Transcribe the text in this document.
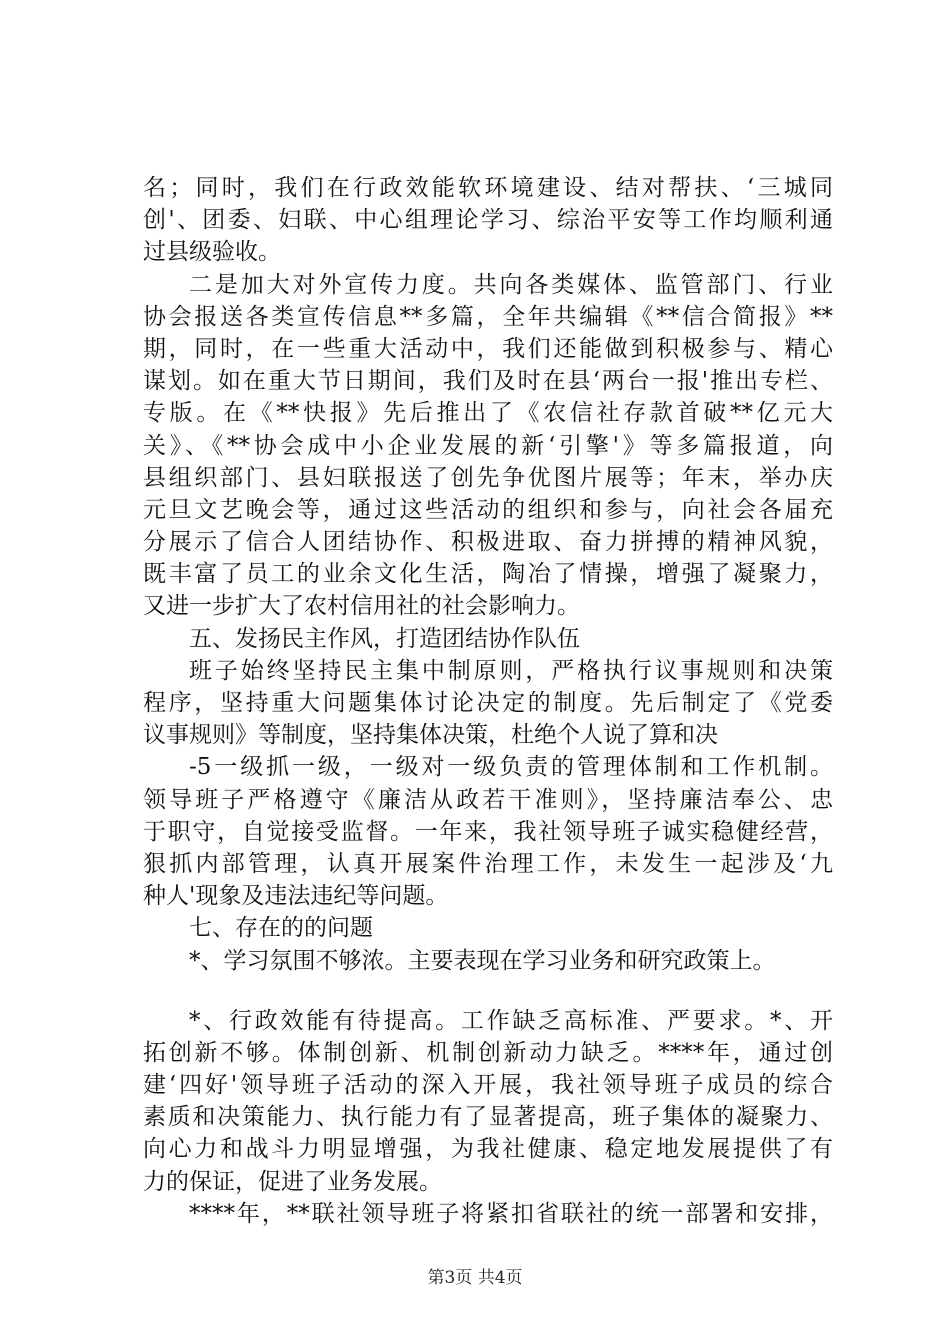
名；同时，我们在行政效能软环境建设、结对帮扶、‘三城同
创'、团委、妇联、中心组理论学习、综治平安等工作均顺利通
过县级验收。
二是加大对外宣传力度。共向各类媒体、监管部门、行业
协会报送各类宣传信息**多篇，全年共编辑《**信合简报》**
期，同时，在一些重大活动中，我们还能做到积极参与、精心
谋划。如在重大节日期间，我们及时在县‘两台一报'推出专栏、
专版。在《**快报》先后推出了《农信社存款首破**亿元大
关》、《**协会成中小企业发展的新‘引擎'》等多篇报道，向
县组织部门、县妇联报送了创先争优图片展等；年末，举办庆
元旦文艺晚会等，通过这些活动的组织和参与，向社会各届充
分展示了信合人团结协作、积极进取、奋力拼搏的精神风貌，
既丰富了员工的业余文化生活，陶冶了情操，增强了凝聚力，
又进一步扩大了农村信用社的社会影响力。
五、发扬民主作风，打造团结协作队伍
班子始终坚持民主集中制原则，严格执行议事规则和决策
程序，坚持重大问题集体讨论决定的制度。先后制定了《党委
议事规则》等制度，坚持集体决策，杜绝个人说了算和决
-5一级抓一级，一级对一级负责的管理体制和工作机制。
领导班子严格遵守《廉洁从政若干准则》，坚持廉洁奉公、忠
于职守，自觉接受监督。一年来，我社领导班子诚实稳健经营，
狠抓内部管理，认真开展案件治理工作，未发生一起涉及‘九
种人'现象及违法违纪等问题。
七、存在的的问题
*、学习氛围不够浓。主要表现在学习业务和研究政策上。
*、行政效能有待提高。工作缺乏高标准、严要求。*、开
拓创新不够。体制创新、机制创新动力缺乏。****年，通过创
建‘四好'领导班子活动的深入开展，我社领导班子成员的综合
素质和决策能力、执行能力有了显著提高，班子集体的凝聚力、
向心力和战斗力明显增强，为我社健康、稳定地发展提供了有
力的保证，促进了业务发展。
****年，**联社领导班子将紧扣省联社的统一部署和安排，
第3页 共4页
